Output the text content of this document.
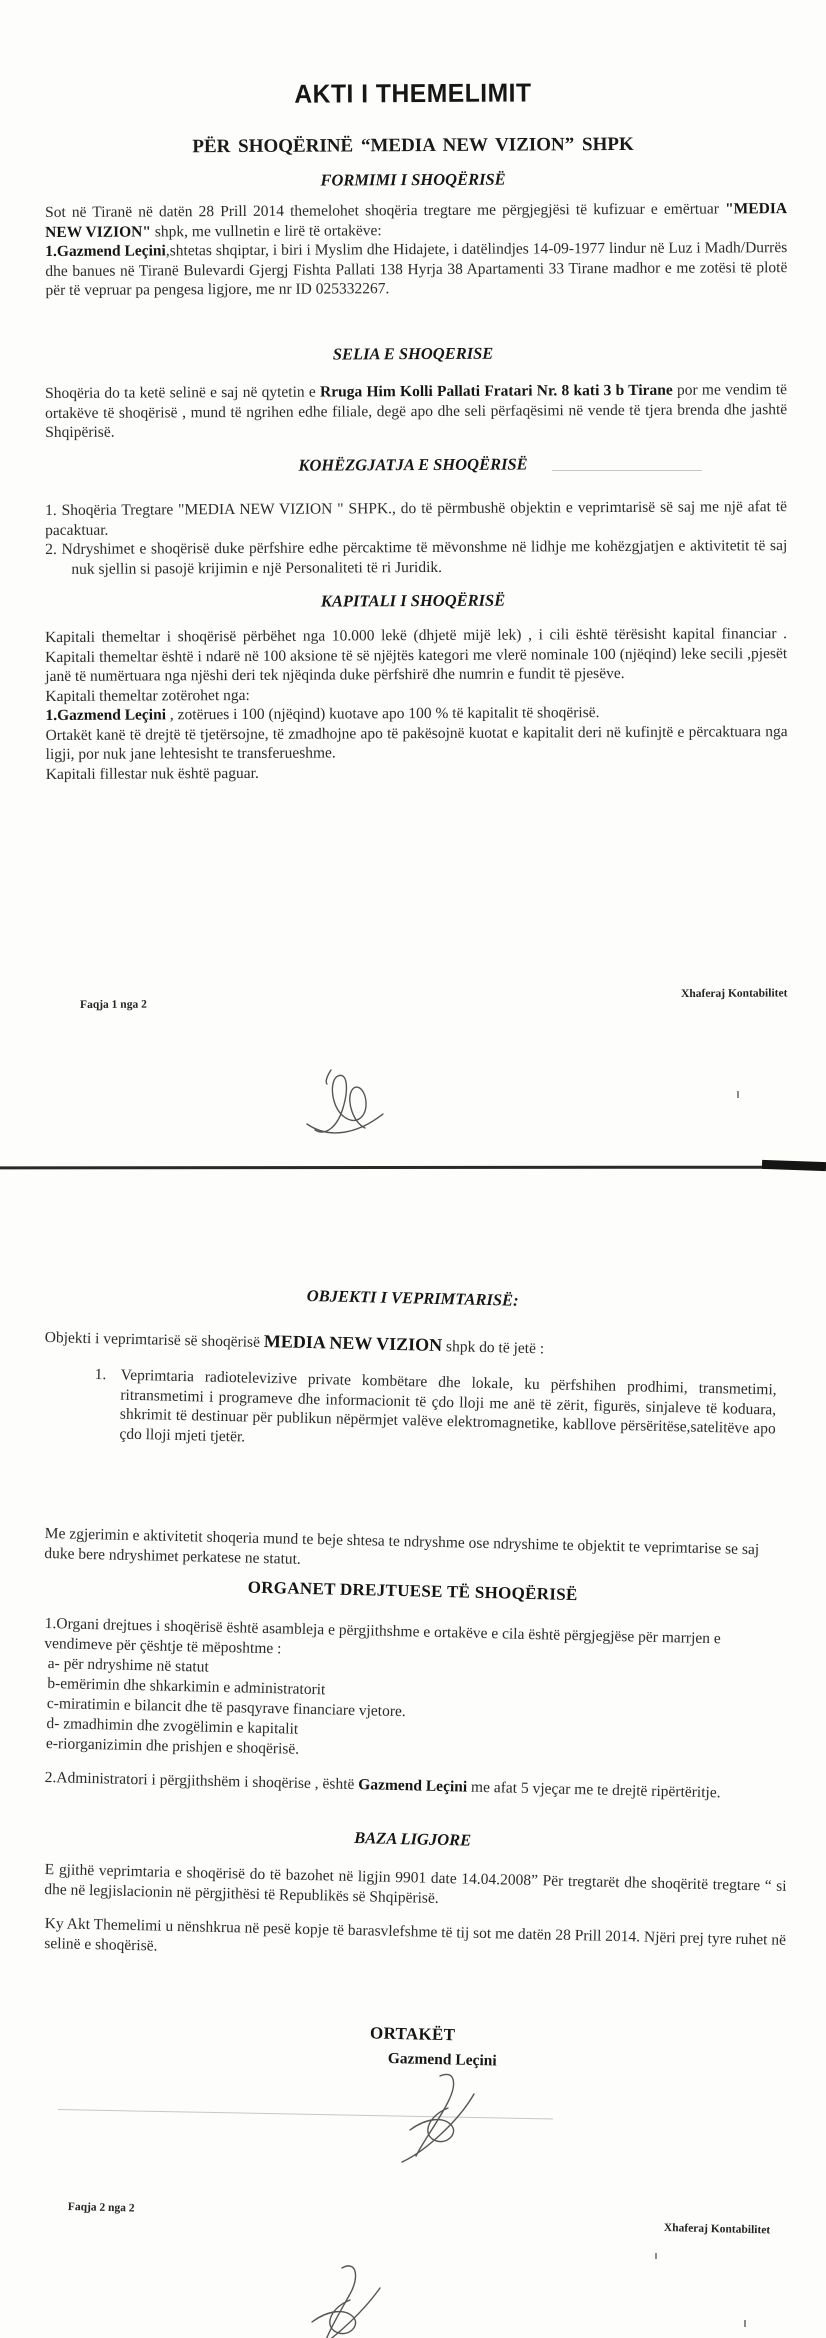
AKTI I THEMELIMIT
PËR SHOQËRINË “MEDIA NEW VIZION” SHPK
FORMIMI I SHOQËRISË

Sot në Tiranë në datën 28 Prill 2014 themelohet shoqëria tregtare me përgjegjësi të kufizuar e emërtuar "MEDIA NEW VIZION" shpk, me vullnetin e lirë të ortakëve:

1.Gazmend Leçini,shtetas shqiptar, i biri i Myslim dhe Hidajete, i datëlindjes 14-09-1977 lindur në Luz i Madh/Durrës dhe banues në Tiranë Bulevardi Gjergj Fishta Pallati 138 Hyrja 38 Apartamenti 33 Tirane madhor e me zotësi të plotë për të vepruar pa pengesa ligjore, me nr ID 025332267.

SELIA E SHOQERISE

Shoqëria do ta ketë selinë e saj në qytetin e Rruga Him Kolli Pallati Fratari Nr. 8 kati 3 b Tirane por me vendim të ortakëve të shoqërisë , mund të ngrihen edhe filiale, degë apo dhe seli përfaqësimi në vende të tjera brenda dhe jashtë Shqipërisë.

KOHËZGJATJA E SHOQËRISË

1. Shoqëria Tregtare "MEDIA NEW VIZION " SHPK., do të përmbushë objektin e veprimtarisë së saj me një afat të pacaktuar.

2. Ndryshimet e shoqërisë duke përfshire edhe përcaktime të mëvonshme në lidhje me kohëzgjatjen e aktivitetit të saj nuk sjellin si pasojë krijimin e një Personaliteti të ri Juridik.

KAPITALI I SHOQËRISË

Kapitali themeltar i shoqërisë përbëhet nga 10.000 lekë (dhjetë mijë lek) , i cili është tërësisht kapital financiar . Kapitali themeltar është i ndarë në 100 aksione të së njëjtës kategori me vlerë nominale 100 (njëqind) leke secili ,pjesët janë të numërtuara nga njëshi deri tek njëqinda duke përfshirë dhe numrin e fundit të pjesëve.

Kapitali themeltar zotërohet nga:

1.Gazmend Leçini , zotërues i 100 (njëqind) kuotave apo 100 % të kapitalit të shoqërisë.

Ortakët kanë të drejtë të tjetërsojne, të zmadhojne apo të pakësojnë kuotat e kapitalit deri në kufinjtë e përcaktuara nga ligji, por nuk jane lehtesisht te transferueshme.

Kapitali fillestar nuk është paguar.

Faqja 1 nga 2
Xhaferaj Kontabilitet
OBJEKTI I VEPRIMTARISË:

Objekti i veprimtarisë së shoqërisë MEDIA NEW VIZION shpk do të jetë :

1. Veprimtaria radiotelevizive private kombëtare dhe lokale, ku përfshihen prodhimi, transmetimi, ritransmetimi i programeve dhe informacionit të çdo lloji me anë të zërit, figurës, sinjaleve të koduara, shkrimit të destinuar për publikun nëpërmjet valëve elektromagnetike, kabllove përsëritëse,satelitëve apo çdo lloji mjeti tjetër.

Me zgjerimin e aktivitetit shoqeria mund te beje shtesa te ndryshme ose ndryshime te objektit te veprimtarise se saj duke bere ndryshimet perkatese ne statut.

ORGANET DREJTUESE TË SHOQËRISË

1.Organi drejtues i shoqërisë është asambleja e përgjithshme e ortakëve e cila është përgjegjëse për marrjen e vendimeve për çështje të mëposhtme :

a- për ndryshime në statut

b-emërimin dhe shkarkimin e administratorit

c-miratimin e bilancit dhe të pasqyrave financiare vjetore.

d- zmadhimin dhe zvogëlimin e kapitalit

e-riorganizimin dhe prishjen e shoqërisë.

2.Administratori i përgjithshëm i shoqërise , është Gazmend Leçini me afat 5 vjeçar me te drejtë ripërtëritje.

BAZA LIGJORE

E gjithë veprimtaria e shoqërisë do të bazohet në ligjin 9901 date 14.04.2008” Për tregtarët dhe shoqëritë tregtare “ si dhe në legjislacionin në përgjithësi të Republikës së Shqipërisë.

Ky Akt Themelimi u nënshkrua në pesë kopje të barasvlefshme të tij sot me datën 28 Prill 2014. Njëri prej tyre ruhet në selinë e shoqërisë.

ORTAKËT
Gazmend Leçini
Faqja 2 nga 2
Xhaferaj Kontabilitet
